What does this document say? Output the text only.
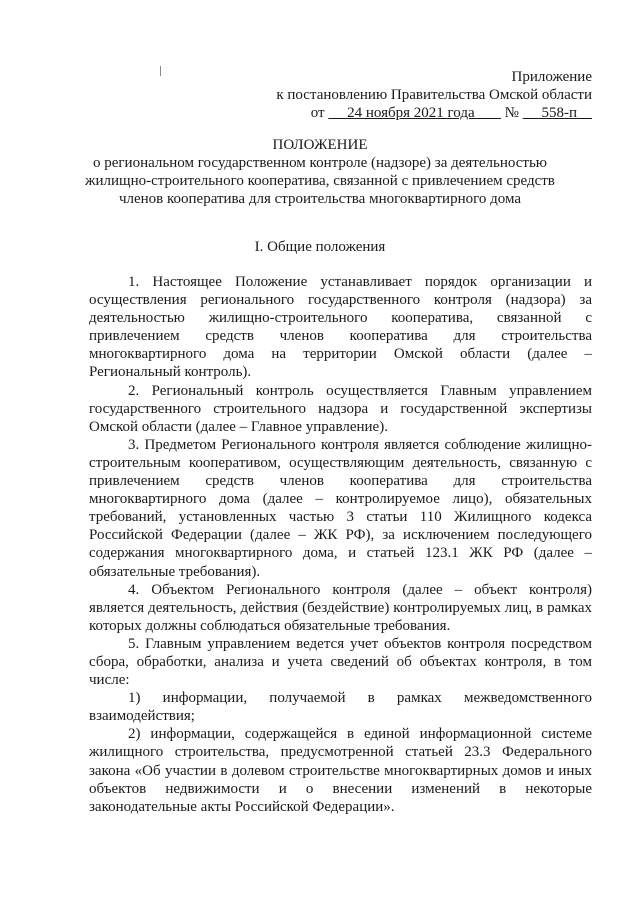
Приложение
к постановлению Правительства Омской области
от 24 ноября 2021 года № 558-п
ПОЛОЖЕНИЕ
о региональном государственном контроле (надзоре) за деятельностью жилищно-строительного кооператива, связанной с привлечением средств членов кооператива для строительства многоквартирного дома
I. Общие положения

1. Настоящее Положение устанавливает порядок организации и осуществления регионального государственного контроля (надзора) за деятельностью жилищно-строительного кооператива, связанной с привлечением средств членов кооператива для строительства многоквартирного дома на территории Омской области (далее – Региональный контроль).

2. Региональный контроль осуществляется Главным управлением государственного строительного надзора и государственной экспертизы Омской области (далее – Главное управление).

3. Предметом Регионального контроля является соблюдение жилищно-строительным кооперативом, осуществляющим деятельность, связанную с привлечением средств членов кооператива для строительства многоквартирного дома (далее – контролируемое лицо), обязательных требований, установленных частью 3 статьи 110 Жилищного кодекса Российской Федерации (далее – ЖК РФ), за исключением последующего содержания многоквартирного дома, и статьей 123.1 ЖК РФ (далее – обязательные требования).

4. Объектом Регионального контроля (далее – объект контроля) является деятельность, действия (бездействие) контролируемых лиц, в рамках которых должны соблюдаться обязательные требования.

5. Главным управлением ведется учет объектов контроля посредством сбора, обработки, анализа и учета сведений об объектах контроля, в том числе:

1) информации, получаемой в рамках межведомственного взаимодействия;

2) информации, содержащейся в единой информационной системе жилищного строительства, предусмотренной статьей 23.3 Федерального закона «Об участии в долевом строительстве многоквартирных домов и иных объектов недвижимости и о внесении изменений в некоторые законодательные акты Российской Федерации».
